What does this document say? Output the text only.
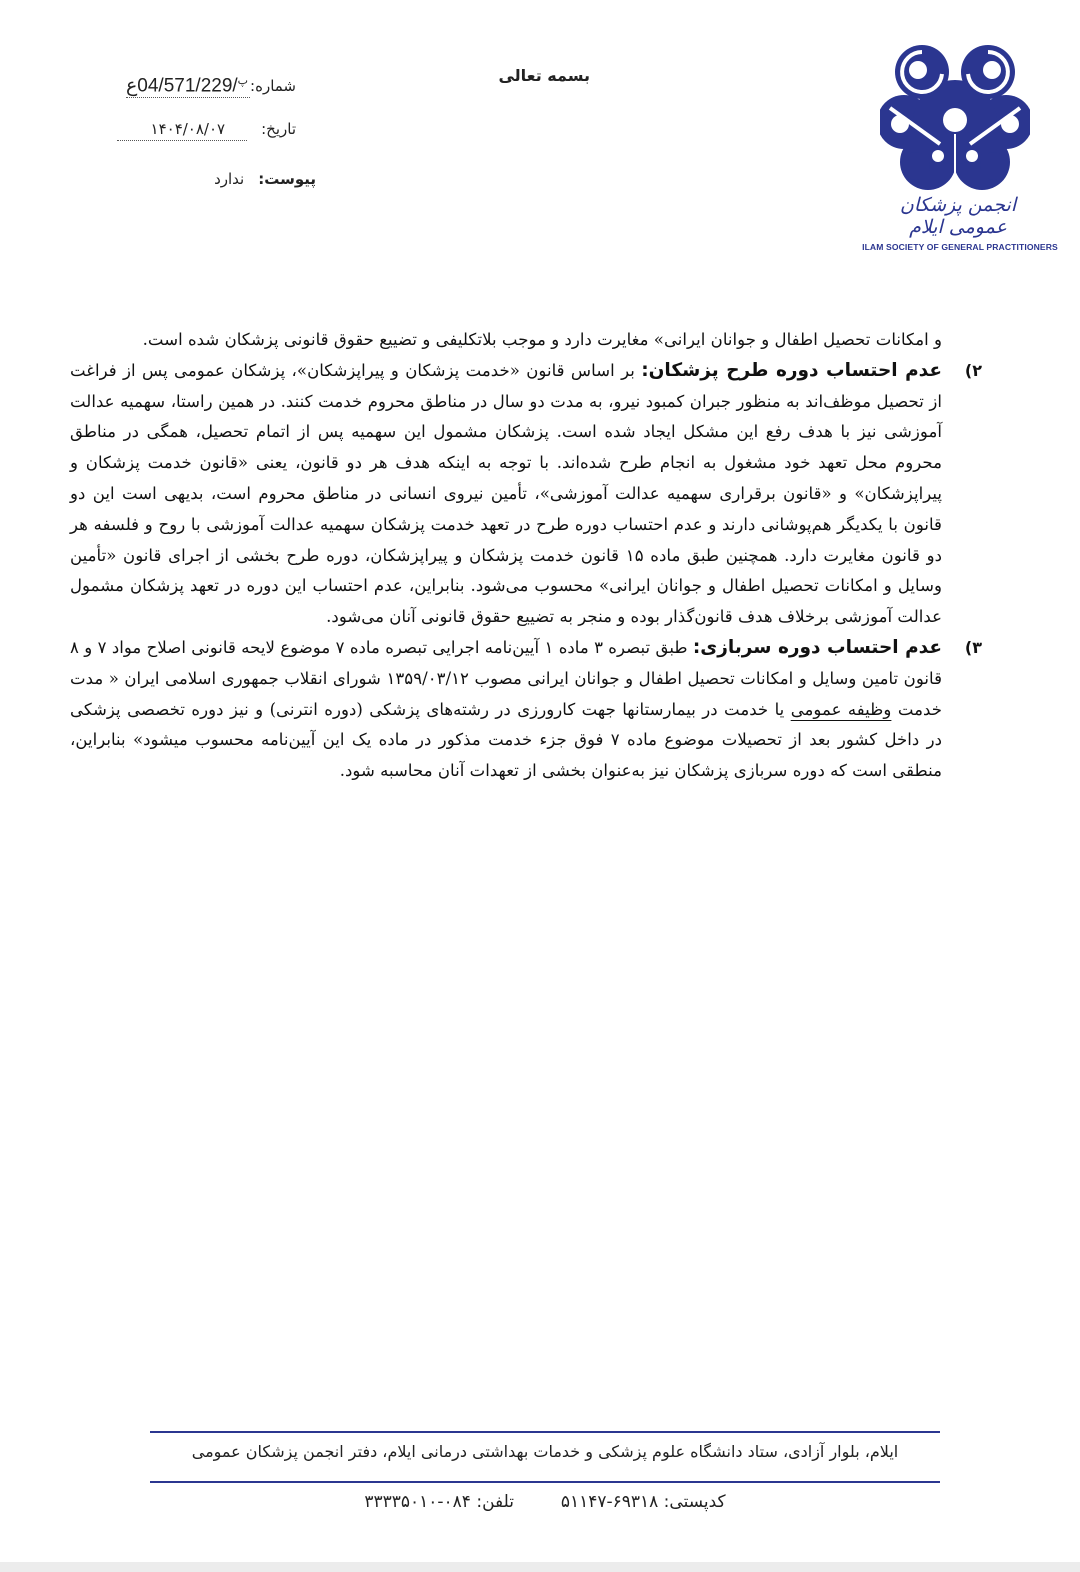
انجمن پزشکان عمومی ایلام
ILAM SOCIETY OF GENERAL PRACTITIONERS
بسمه تعالی
شماره:
$^پ$/04/571/229ع
تاریخ:
۱۴۰۴/۰۸/۰۷
پیوست:
ندارد

و امکانات تحصیل اطفال و جوانان ایرانی» مغایرت دارد و موجب بلاتکلیفی و تضییع حقوق قانونی پزشکان شده است.

۲)

عدم احتساب دوره طرح پزشکان: بر اساس قانون «خدمت پزشکان و پیراپزشکان»، پزشکان عمومی پس از فراغت از تحصیل موظف‌اند به منظور جبران کمبود نیرو، به مدت دو سال در مناطق محروم خدمت کنند. در همین راستا، سهمیه عدالت آموزشی نیز با هدف رفع این مشکل ایجاد شده است. پزشکان مشمول این سهمیه پس از اتمام تحصیل، همگی در مناطق محروم محل تعهد خود مشغول به انجام طرح شده‌اند. با توجه به اینکه هدف هر دو قانون، یعنی «قانون خدمت پزشکان و پیراپزشکان» و «قانون برقراری سهمیه عدالت آموزشی»، تأمین نیروی انسانی در مناطق محروم است، بدیهی است این دو قانون با یکدیگر هم‌پوشانی دارند و عدم احتساب دوره طرح در تعهد خدمت پزشکان سهمیه عدالت آموزشی با روح و فلسفه هر دو قانون مغایرت دارد. همچنین طبق ماده ۱۵ قانون خدمت پزشکان و پیراپزشکان، دوره طرح بخشی از اجرای قانون «تأمین وسایل و امکانات تحصیل اطفال و جوانان ایرانی» محسوب می‌شود. بنابراین، عدم احتساب این دوره در تعهد پزشکان مشمول عدالت آموزشی برخلاف هدف قانون‌گذار بوده و منجر به تضییع حقوق قانونی آنان می‌شود.

۳)

عدم احتساب دوره سربازی: طبق تبصره ۳ ماده ۱ آیین‌نامه اجرایی تبصره ماده ۷ موضوع لایحه قانونی اصلاح مواد ۷ و ۸ قانون تامین وسایل و امکانات تحصیل اطفال و جوانان ایرانی مصوب ۱۳۵۹/۰۳/۱۲ شورای انقلاب جمهوری اسلامی ایران « مدت خدمت وظیفه عمومی یا خدمت در بیمارستانها جهت کارورزی در رشته‌های پزشکی (دوره انترنی) و نیز دوره تخصصی پزشکی در داخل کشور بعد از تحصیلات موضوع ماده ۷ فوق جزء خدمت مذکور در ماده یک این آیین‌نامه محسوب میشود» بنابراین، منطقی است که دوره سربازی پزشکان نیز به‌عنوان بخشی از تعهدات آنان محاسبه شود.

ایلام، بلوار آزادی، ستاد دانشگاه علوم پزشکی و خدمات بهداشتی درمانی ایلام، دفتر انجمن پزشکان عمومی
کدپستی: ۶۹۳۱۸-۵۱۱۴۷  تلفن: ۰۸۴-۳۳۳۳۵۰۱۰
